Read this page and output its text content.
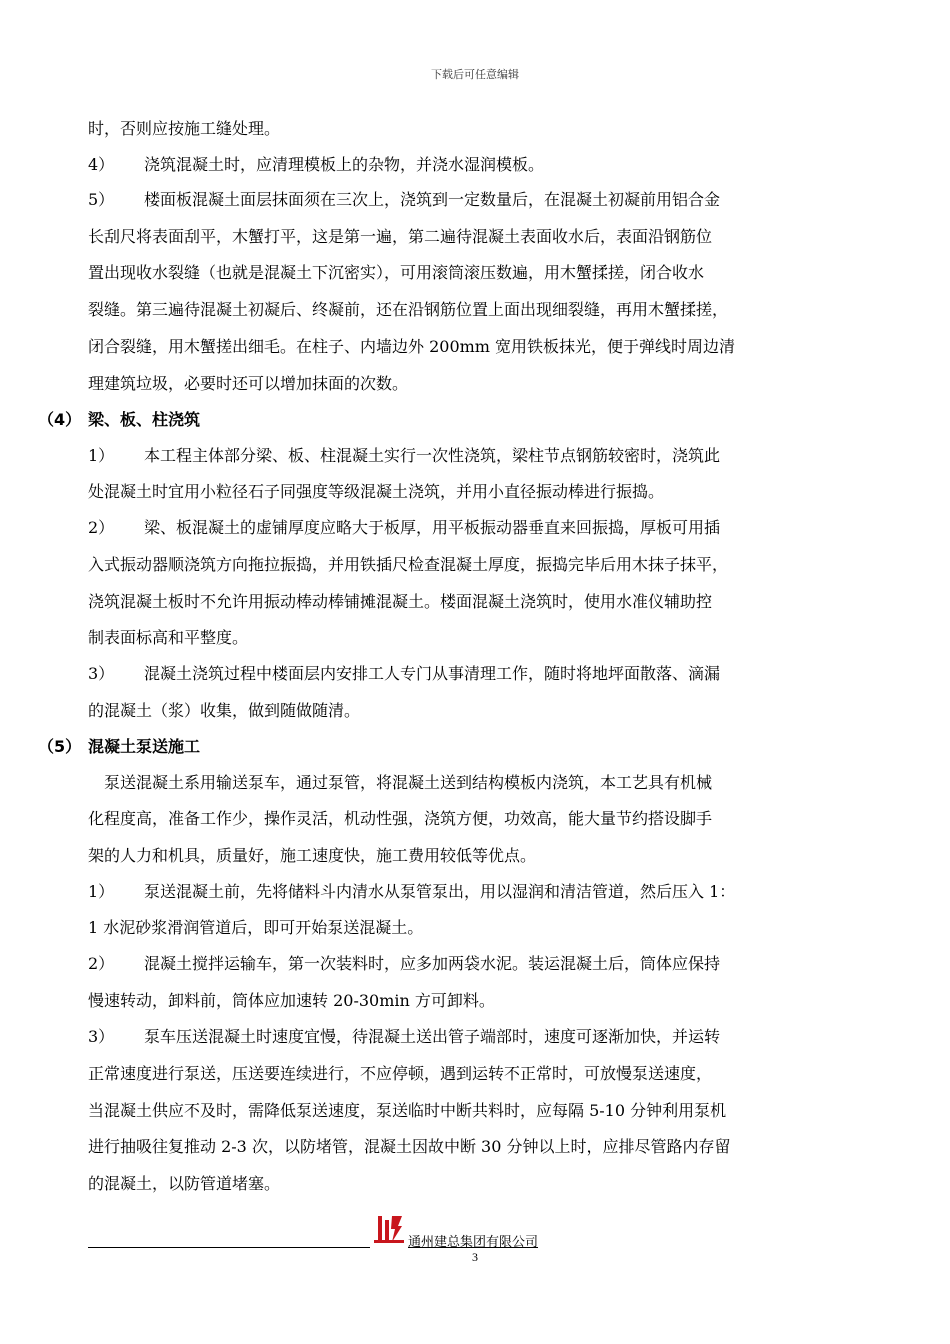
下载后可任意编辑
时，否则应按施工缝处理。
4） 浇筑混凝土时，应清理模板上的杂物，并浇水湿润模板。
5） 楼面板混凝土面层抹面须在三次上，浇筑到一定数量后，在混凝土初凝前用铝合金
长刮尺将表面刮平，木蟹打平，这是第一遍，第二遍待混凝土表面收水后，表面沿钢筋位
置出现收水裂缝（也就是混凝土下沉密实），可用滚筒滚压数遍，用木蟹揉搓，闭合收水
裂缝。第三遍待混凝土初凝后、终凝前，还在沿钢筋位置上面出现细裂缝，再用木蟹揉搓，
闭合裂缝，用木蟹搓出细毛。在柱子、内墙边外 200mm 宽用铁板抹光，便于弹线时周边清
理建筑垃圾，必要时还可以增加抹面的次数。
（4） 梁、板、柱浇筑
1） 本工程主体部分梁、板、柱混凝土实行一次性浇筑，梁柱节点钢筋较密时，浇筑此
处混凝土时宜用小粒径石子同强度等级混凝土浇筑，并用小直径振动棒进行振捣。
2） 梁、板混凝土的虚铺厚度应略大于板厚，用平板振动器垂直来回振捣，厚板可用插
入式振动器顺浇筑方向拖拉振捣，并用铁插尺检查混凝土厚度，振捣完毕后用木抹子抹平，
浇筑混凝土板时不允许用振动棒动棒铺摊混凝土。楼面混凝土浇筑时，使用水准仪辅助控
制表面标高和平整度。
3） 混凝土浇筑过程中楼面层内安排工人专门从事清理工作，随时将地坪面散落、滴漏
的混凝土（浆）收集，做到随做随清。
（5） 混凝土泵送施工
泵送混凝土系用输送泵车，通过泵管，将混凝土送到结构模板内浇筑，本工艺具有机械
化程度高，准备工作少，操作灵活，机动性强，浇筑方便，功效高，能大量节约搭设脚手
架的人力和机具，质量好，施工速度快，施工费用较低等优点。
1） 泵送混凝土前，先将储料斗内清水从泵管泵出，用以湿润和清洁管道，然后压入 1：
1 水泥砂浆滑润管道后，即可开始泵送混凝土。
2） 混凝土搅拌运输车，第一次装料时，应多加两袋水泥。装运混凝土后，筒体应保持
慢速转动，卸料前，筒体应加速转 20-30min 方可卸料。
3） 泵车压送混凝土时速度宜慢，待混凝土送出管子端部时，速度可逐渐加快，并运转
正常速度进行泵送，压送要连续进行，不应停顿，遇到运转不正常时，可放慢泵送速度，
当混凝土供应不及时，需降低泵送速度，泵送临时中断共料时，应每隔 5-10 分钟利用泵机
进行抽吸往复推动 2-3 次，以防堵管，混凝土因故中断 30 分钟以上时，应排尽管路内存留
的混凝土，以防管道堵塞。
通州建总集团有限公司
3
